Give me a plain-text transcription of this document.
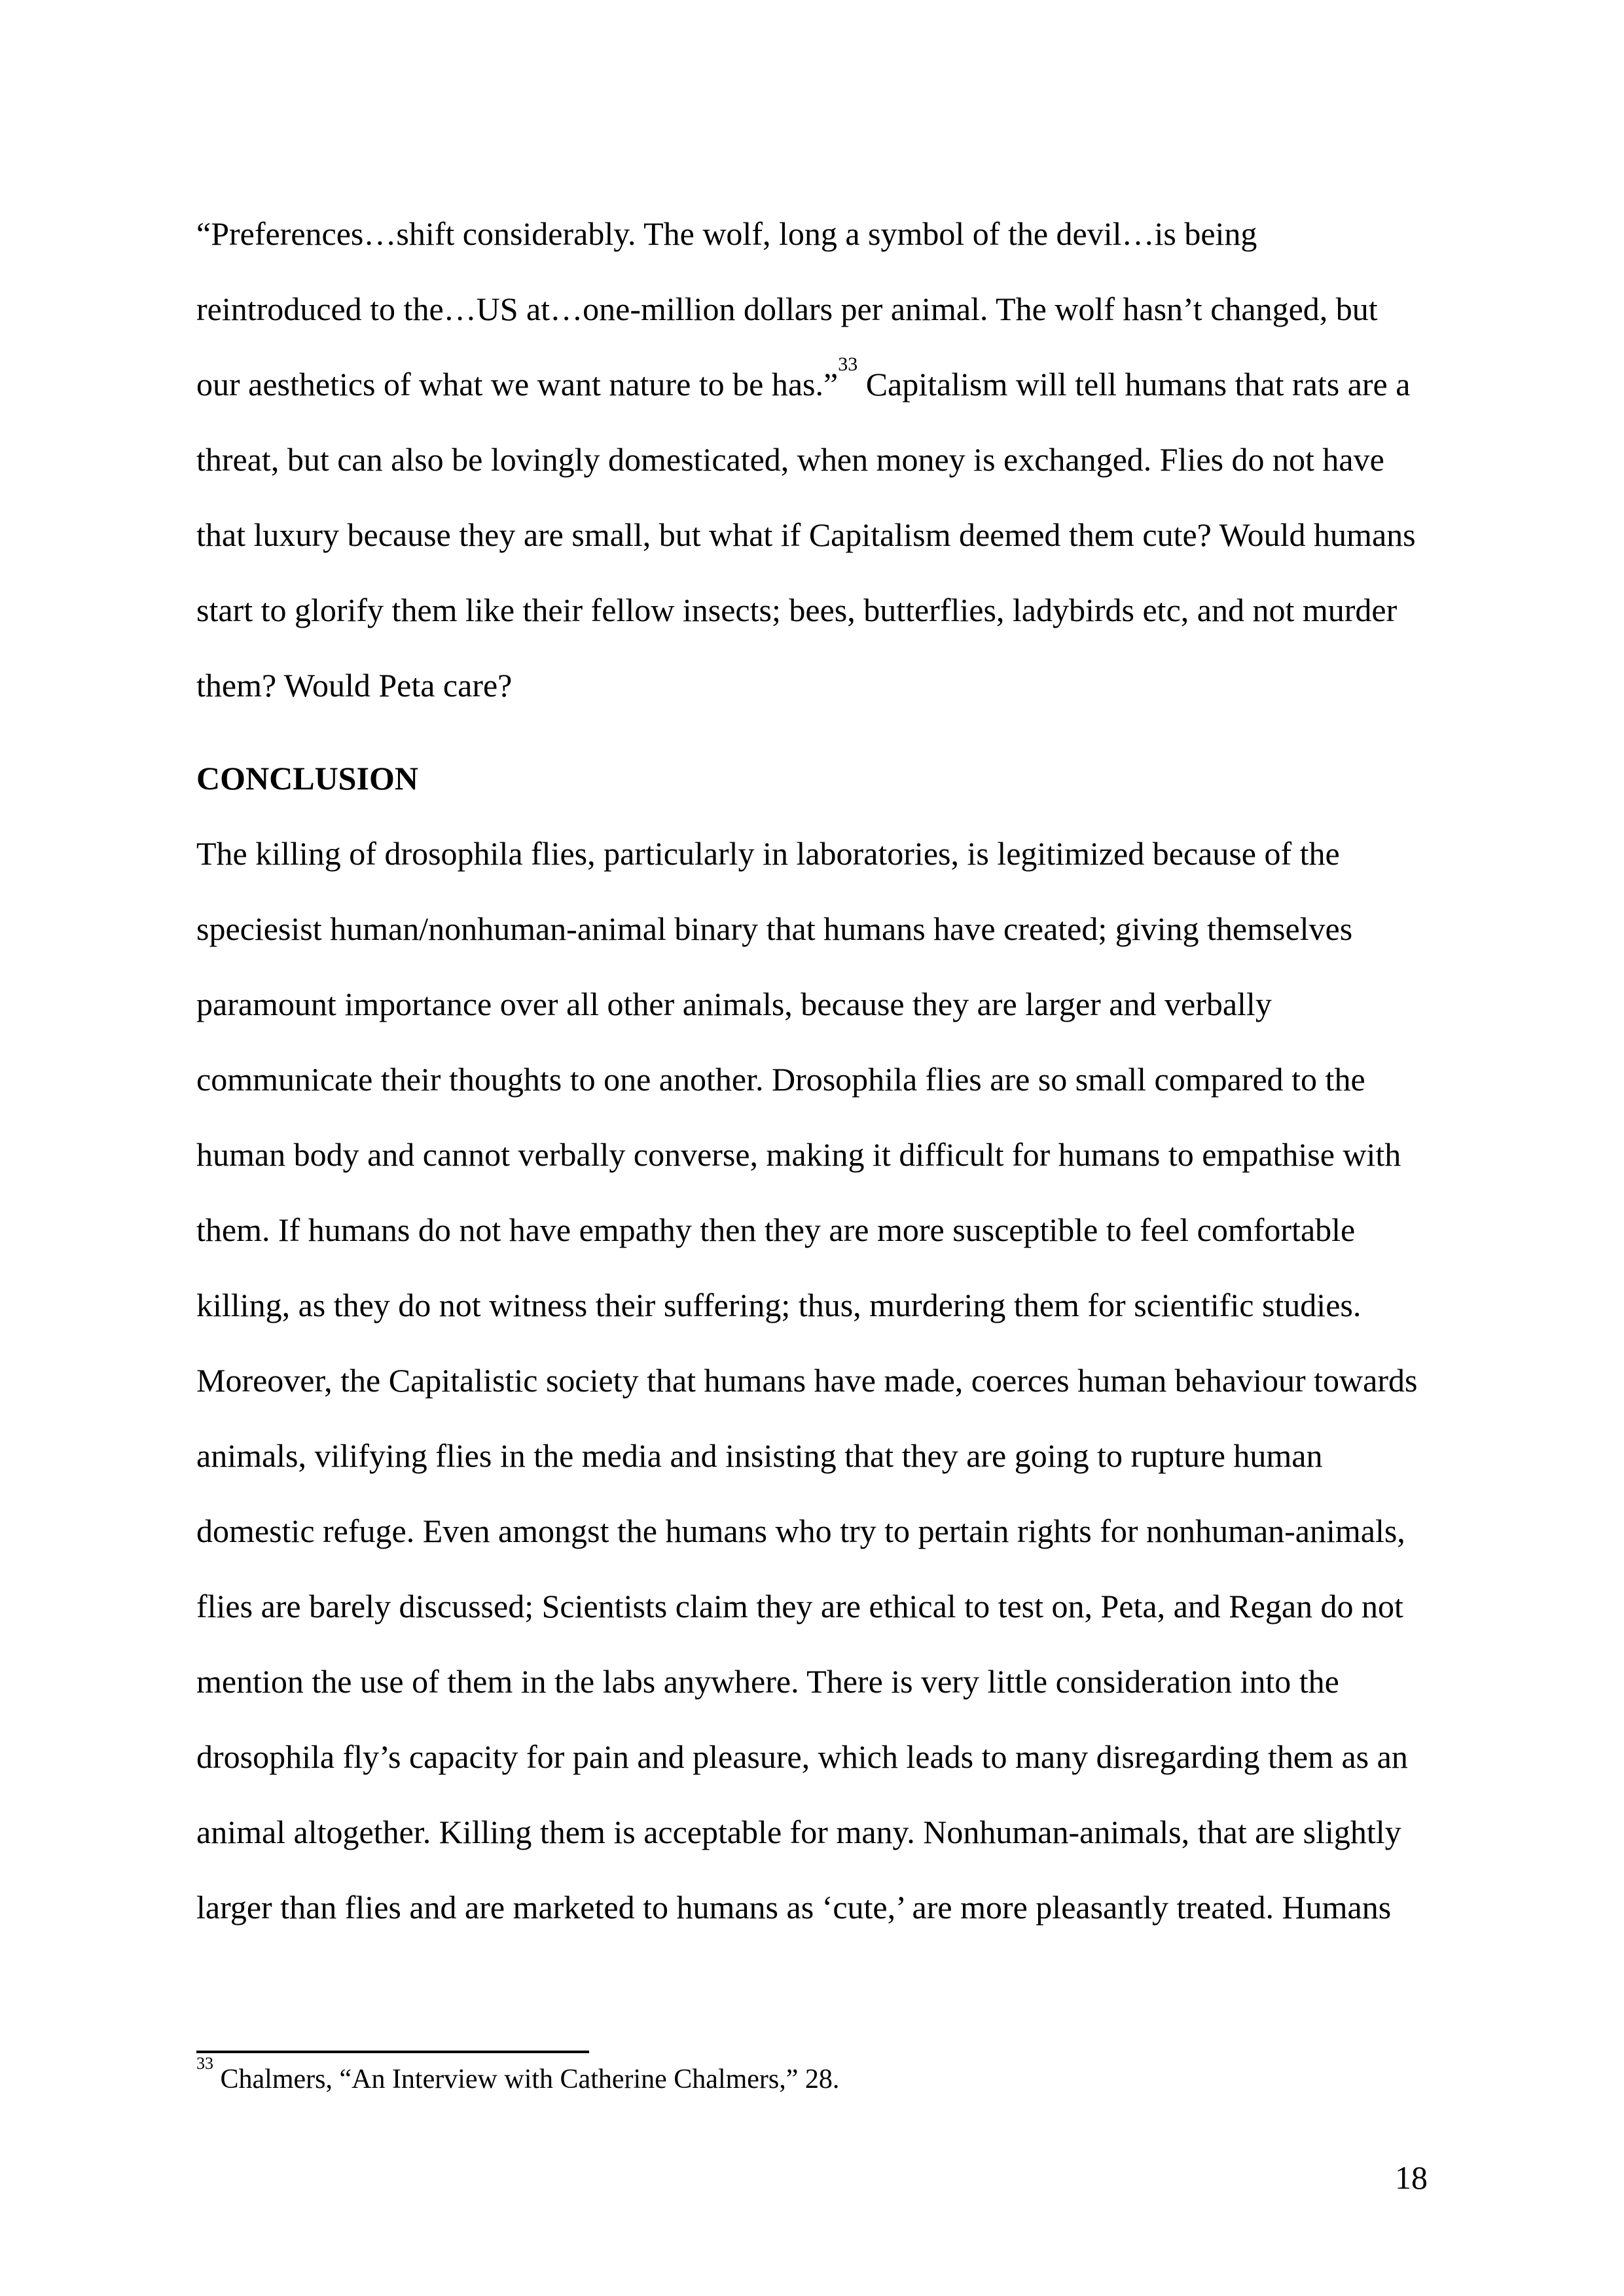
“Preferences…shift considerably. The wolf, long a symbol of the devil…is being
reintroduced to the…US at…one-million dollars per animal. The wolf hasn’t changed, but
our aesthetics of what we want nature to be has.”$^{33}$ Capitalism will tell humans that rats are a
threat, but can also be lovingly domesticated, when money is exchanged. Flies do not have
that luxury because they are small, but what if Capitalism deemed them cute? Would humans
start to glorify them like their fellow insects; bees, butterflies, ladybirds etc, and not murder
them? Would Peta care?
CONCLUSION
The killing of drosophila flies, particularly in laboratories, is legitimized because of the
speciesist human/nonhuman-animal binary that humans have created; giving themselves
paramount importance over all other animals, because they are larger and verbally
communicate their thoughts to one another. Drosophila flies are so small compared to the
human body and cannot verbally converse, making it difficult for humans to empathise with
them. If humans do not have empathy then they are more susceptible to feel comfortable
killing, as they do not witness their suffering; thus, murdering them for scientific studies.
Moreover, the Capitalistic society that humans have made, coerces human behaviour towards
animals, vilifying flies in the media and insisting that they are going to rupture human
domestic refuge. Even amongst the humans who try to pertain rights for nonhuman-animals,
flies are barely discussed; Scientists claim they are ethical to test on, Peta, and Regan do not
mention the use of them in the labs anywhere. There is very little consideration into the
drosophila fly’s capacity for pain and pleasure, which leads to many disregarding them as an
animal altogether. Killing them is acceptable for many. Nonhuman-animals, that are slightly
larger than flies and are marketed to humans as ‘cute,’ are more pleasantly treated. Humans
$^{33}$ Chalmers, “An Interview with Catherine Chalmers,” 28.
18
